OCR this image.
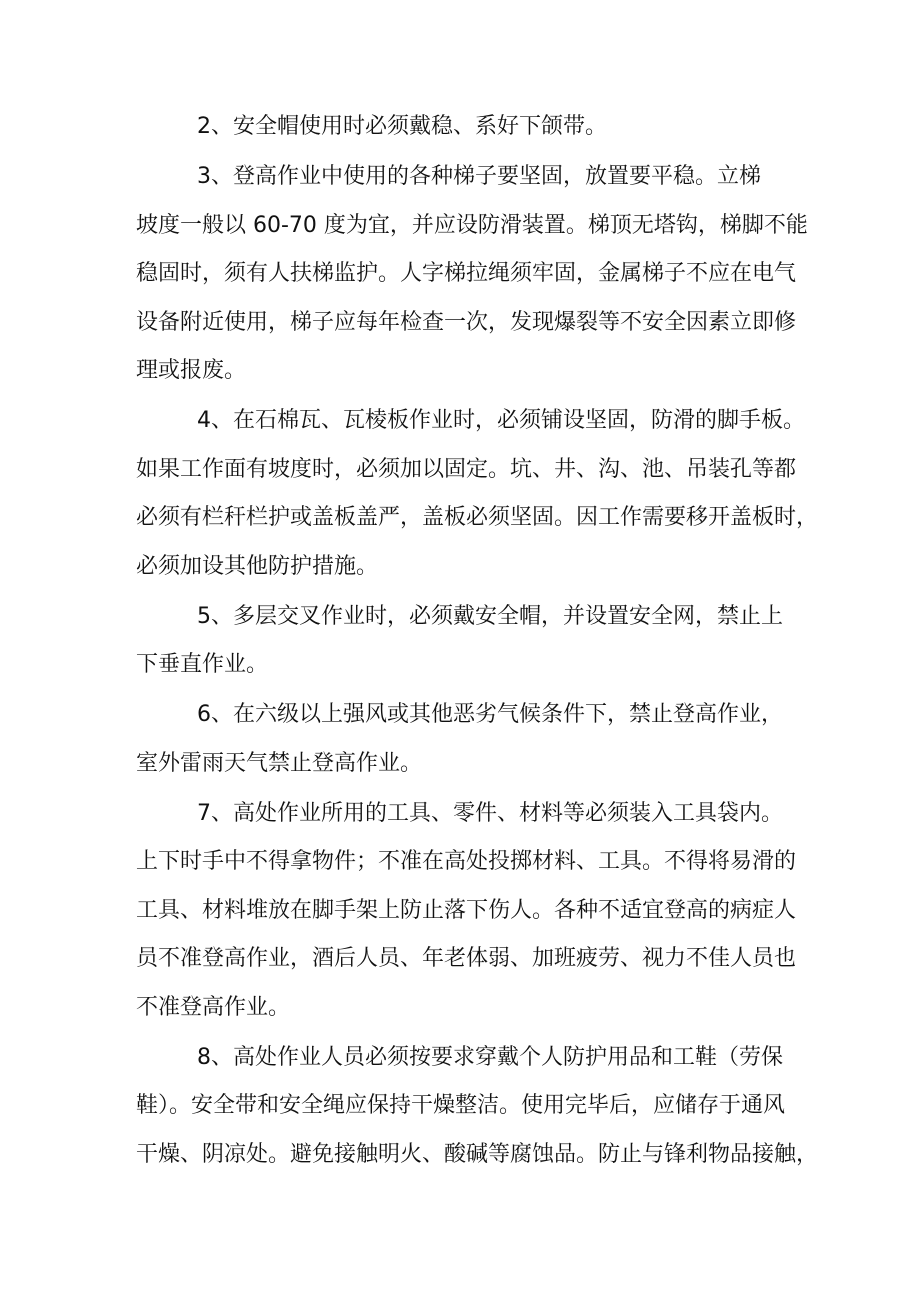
2、安全帽使用时必须戴稳、系好下颌带。
3、登高作业中使用的各种梯子要坚固，放置要平稳。立梯
坡度一般以 60-70 度为宜，并应设防滑装置。梯顶无塔钩，梯脚不能
稳固时，须有人扶梯监护。人字梯拉绳须牢固，金属梯子不应在电气
设备附近使用，梯子应每年检查一次，发现爆裂等不安全因素立即修
理或报废。
4、在石棉瓦、瓦棱板作业时，必须铺设坚固，防滑的脚手板。
如果工作面有坡度时，必须加以固定。坑、井、沟、池、吊装孔等都
必须有栏秆栏护或盖板盖严，盖板必须坚固。因工作需要移开盖板时，
必须加设其他防护措施。
5、多层交叉作业时，必须戴安全帽，并设置安全网，禁止上
下垂直作业。
6、在六级以上强风或其他恶劣气候条件下，禁止登高作业，
室外雷雨天气禁止登高作业。
7、高处作业所用的工具、零件、材料等必须装入工具袋内。
上下时手中不得拿物件；不准在高处投掷材料、工具。不得将易滑的
工具、材料堆放在脚手架上防止落下伤人。各种不适宜登高的病症人
员不准登高作业，酒后人员、年老体弱、加班疲劳、视力不佳人员也
不准登高作业。
8、高处作业人员必须按要求穿戴个人防护用品和工鞋（劳保
鞋）。安全带和安全绳应保持干燥整洁。使用完毕后，应储存于通风
干燥、阴凉处。避免接触明火、酸碱等腐蚀品。防止与锋利物品接触，
